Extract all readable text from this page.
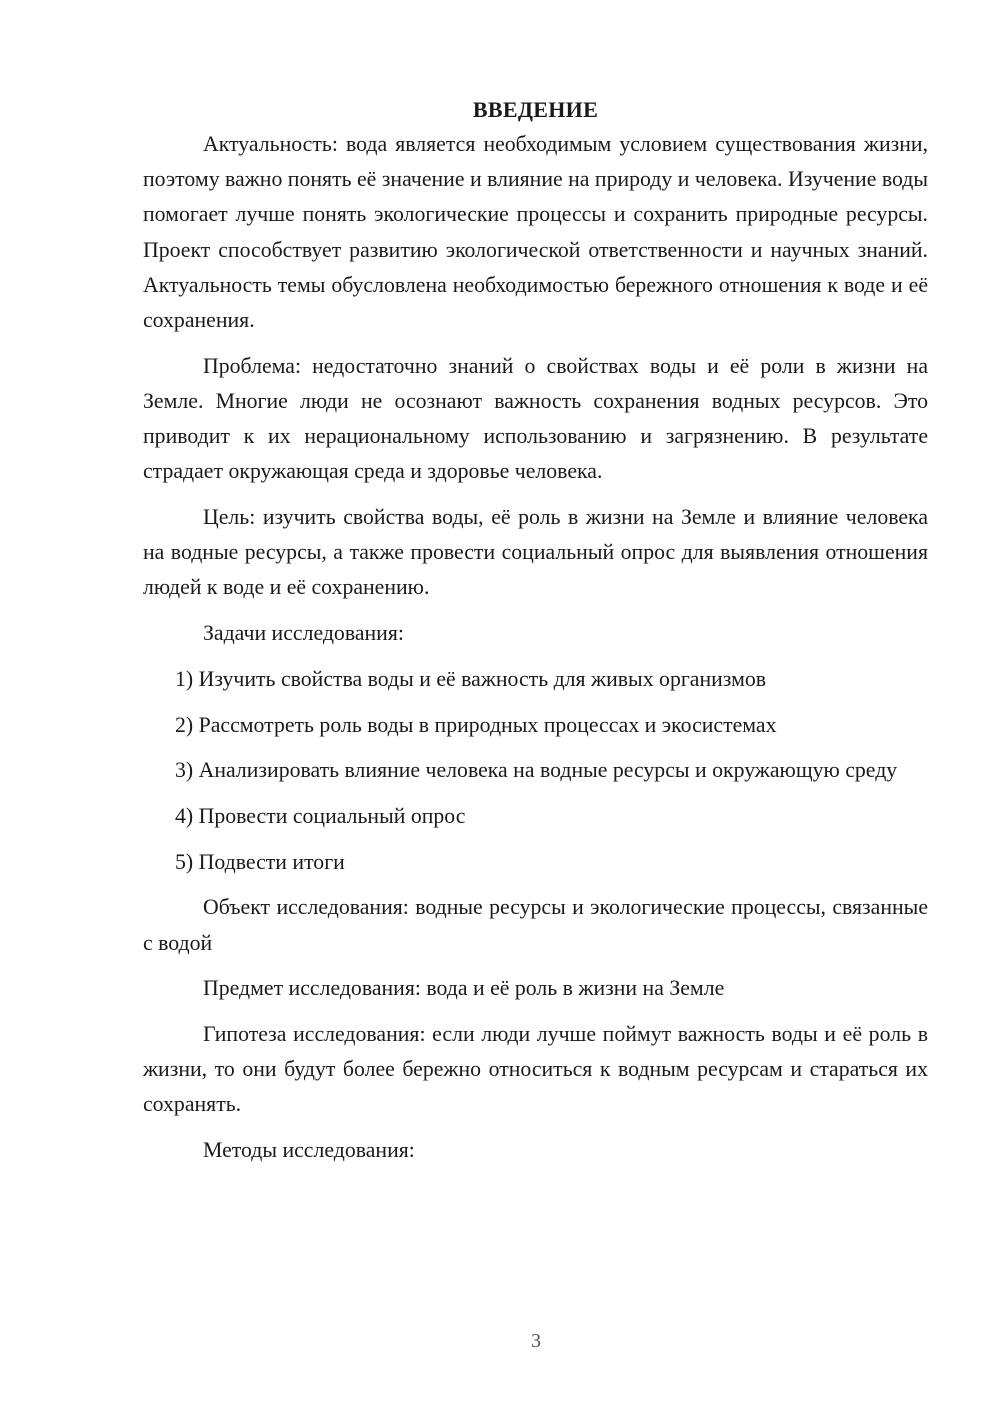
ВВЕДЕНИЕ

Актуальность: вода является необходимым условием существования жизни, поэтому важно понять её значение и влияние на природу и человека. Изучение воды помогает лучше понять экологические процессы и сохранить природные ресурсы. Проект способствует развитию экологической ответственности и научных знаний. Актуальность темы обусловлена необходимостью бережного отношения к воде и её сохранения.

Проблема: недостаточно знаний о свойствах воды и её роли в жизни на Земле. Многие люди не осознают важность сохранения водных ресурсов. Это приводит к их нерациональному использованию и загрязнению. В результате страдает окружающая среда и здоровье человека.

Цель: изучить свойства воды, её роль в жизни на Земле и влияние человека на водные ресурсы, а также провести социальный опрос для выявления отношения людей к воде и её сохранению.

Задачи исследования:

1) Изучить свойства воды и её важность для живых организмов

2) Рассмотреть роль воды в природных процессах и экосистемах

3) Анализировать влияние человека на водные ресурсы и окружающую среду

4) Провести социальный опрос

5) Подвести итоги

Объект исследования: водные ресурсы и экологические процессы, связанные с водой

Предмет исследования: вода и её роль в жизни на Земле

Гипотеза исследования: если люди лучше поймут важность воды и её роль в жизни, то они будут более бережно относиться к водным ресурсам и стараться их сохранять.

Методы исследования:

3
